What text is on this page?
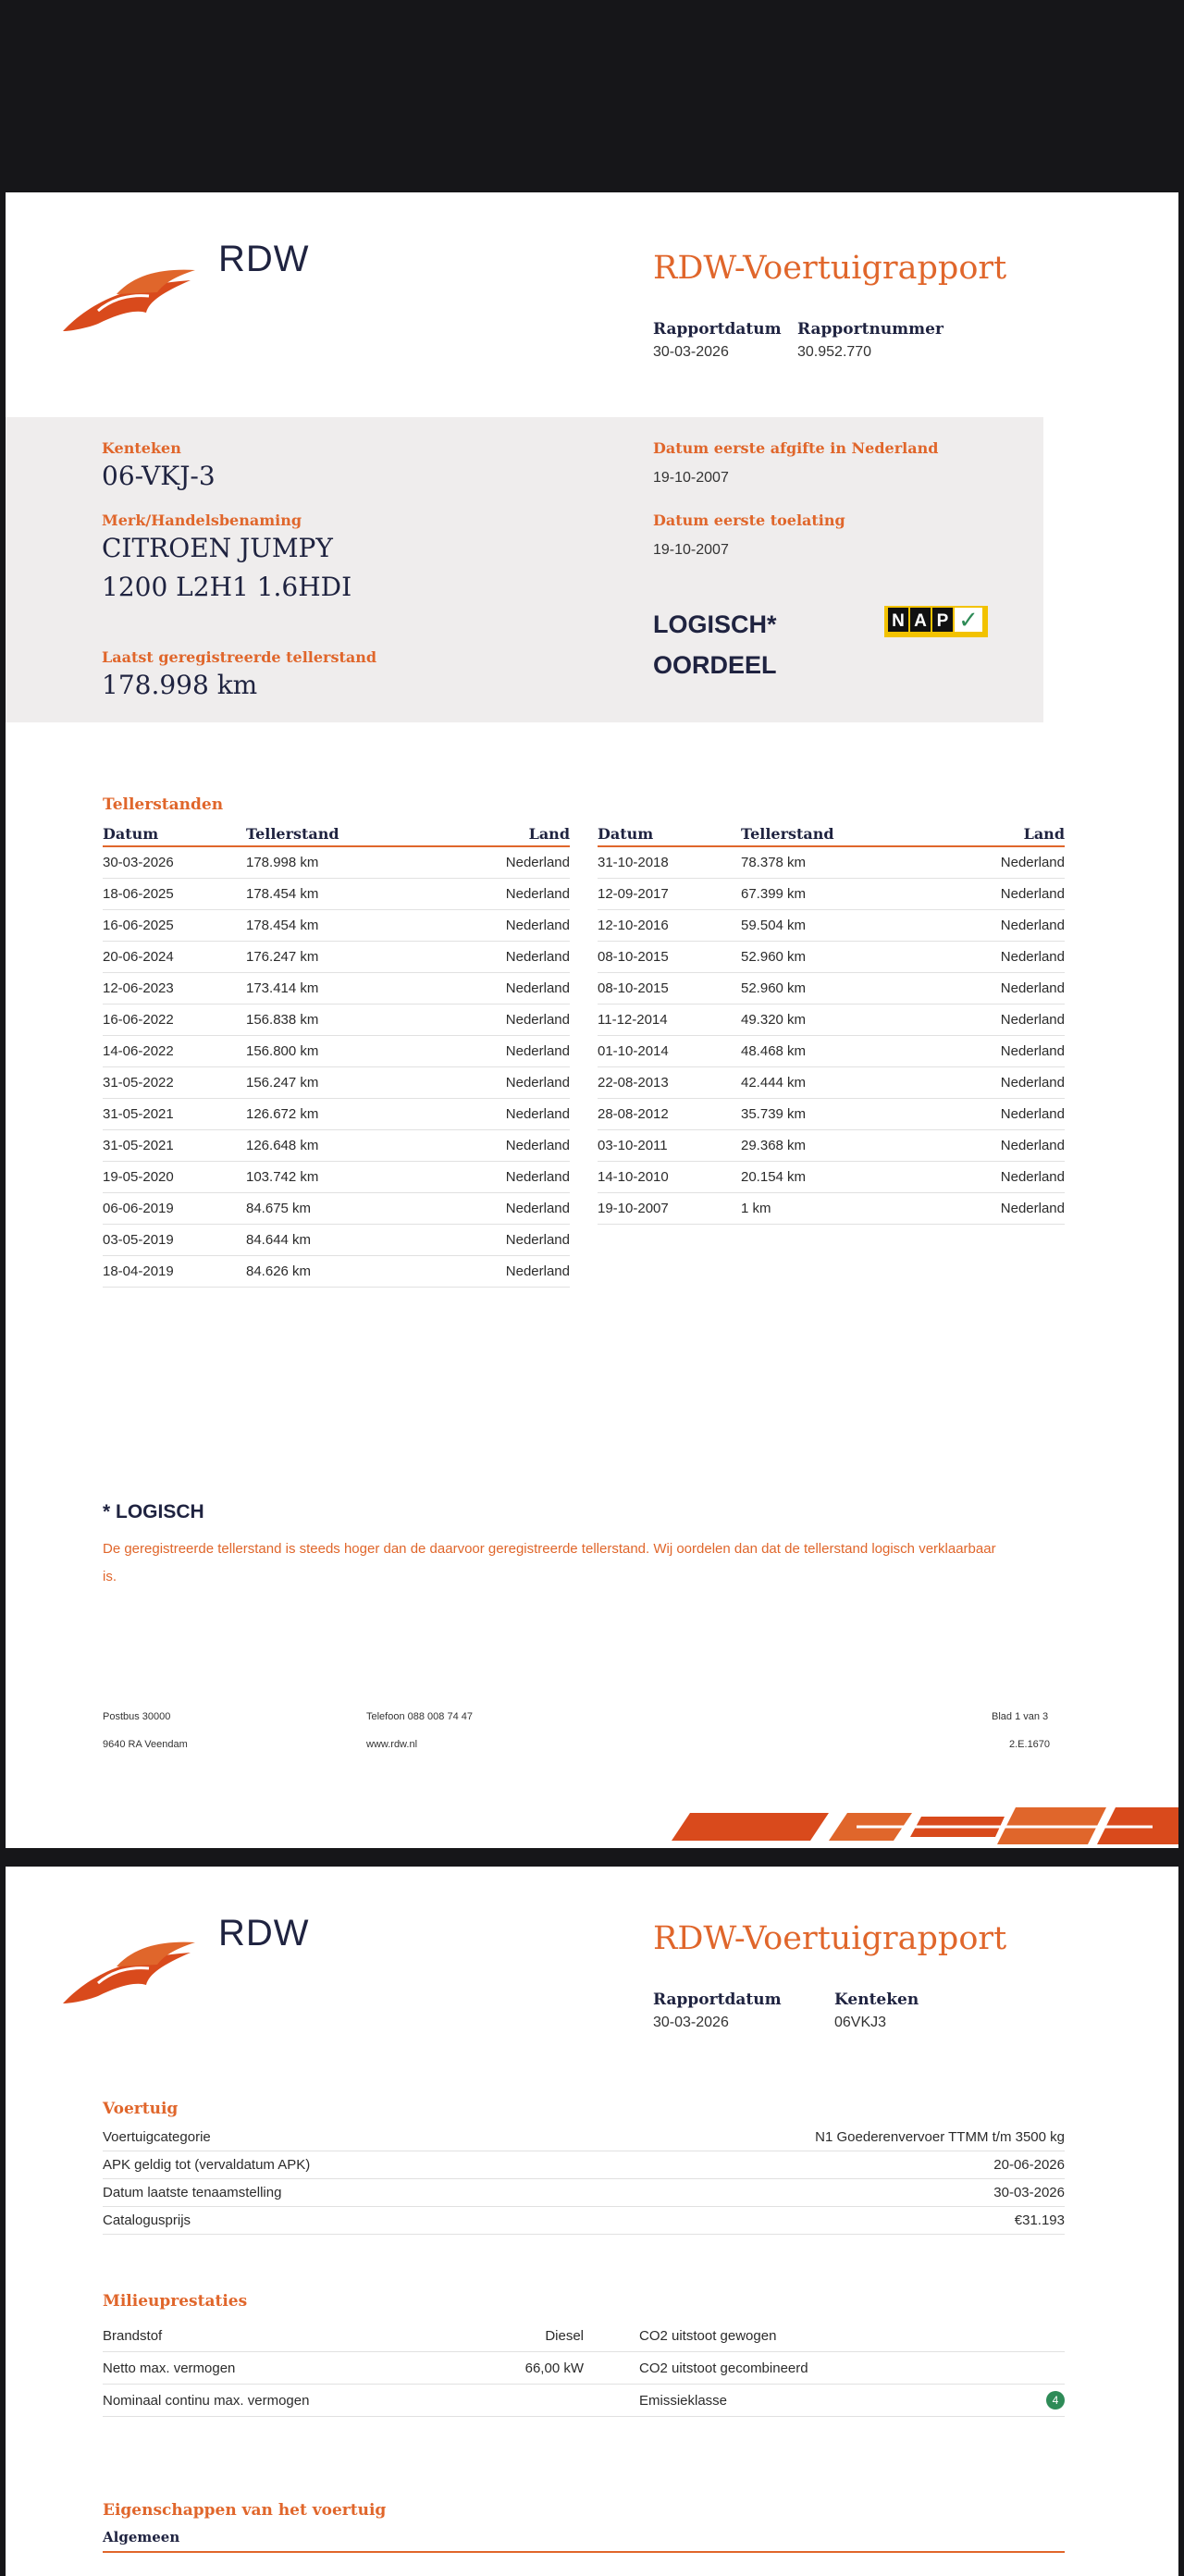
RDW	RDW-Voertuigrapport
Rapportdatum
30-03-2026
Rapportnummer
30.952.770
Kenteken
06-VKJ-3
Merk/Handelsbenaming
CITROEN JUMPY
1200 L2H1 1.6HDI
Laatst geregistreerde tellerstand
178.998 km
Datum eerste afgifte in Nederland
19-10-2007
Datum eerste toelating
19-10-2007
LOGISCH*
OORDEEL
N A P ✓
Tellerstanden
Datum	Tellerstand	Land
30-03-2026	178.998 km	Nederland
18-06-2025	178.454 km	Nederland
16-06-2025	178.454 km	Nederland
20-06-2024	176.247 km	Nederland
12-06-2023	173.414 km	Nederland
16-06-2022	156.838 km	Nederland
14-06-2022	156.800 km	Nederland
31-05-2022	156.247 km	Nederland
31-05-2021	126.672 km	Nederland
31-05-2021	126.648 km	Nederland
19-05-2020	103.742 km	Nederland
06-06-2019	84.675 km	Nederland
03-05-2019	84.644 km	Nederland
18-04-2019	84.626 km	Nederland
Datum	Tellerstand	Land
31-10-2018	78.378 km	Nederland
12-09-2017	67.399 km	Nederland
12-10-2016	59.504 km	Nederland
08-10-2015	52.960 km	Nederland
08-10-2015	52.960 km	Nederland
11-12-2014	49.320 km	Nederland
01-10-2014	48.468 km	Nederland
22-08-2013	42.444 km	Nederland
28-08-2012	35.739 km	Nederland
03-10-2011	29.368 km	Nederland
14-10-2010	20.154 km	Nederland
19-10-2007	1 km	Nederland
* LOGISCH
De geregistreerde tellerstand is steeds hoger dan de daarvoor geregistreerde tellerstand. Wij oordelen dan dat de tellerstand logisch verklaarbaar is.
Postbus 30000
9640 RA Veendam
Telefoon 088 008 74 47
www.rdw.nl
Blad 1 van 3
2.E.1670
RDW	RDW-Voertuigrapport
Rapportdatum
30-03-2026
Kenteken
06VKJ3
Voertuig
Voertuigcategorie	N1 Goederenvervoer TTMM t/m 3500 kg
APK geldig tot (vervaldatum APK)	20-06-2026
Datum laatste tenaamstelling	30-03-2026
Catalogusprijs	€31.193
Milieuprestaties
Brandstof	Diesel	CO2 uitstoot gewogen	
Netto max. vermogen	66,00 kW	CO2 uitstoot gecombineerd	
Nominaal continu max. vermogen		Emissieklasse	4
Eigenschappen van het voertuig
Algemeen
